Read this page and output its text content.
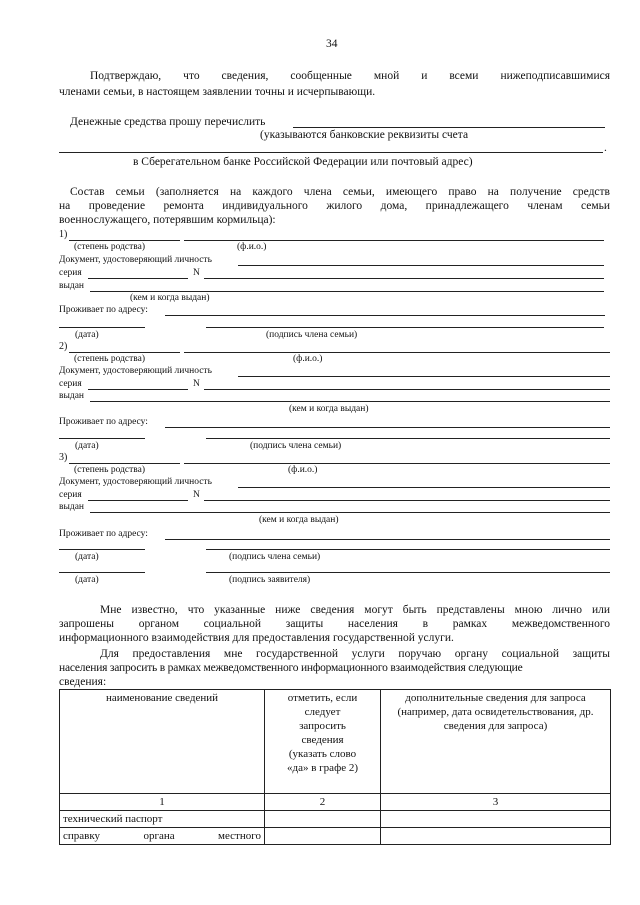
34
Подтверждаю, что сведения, сообщенные мной и всеми нижеподписавшимися
членами семьи, в настоящем заявлении точны и исчерпывающи.
Денежные средства прошу перечислить
(указываются банковские реквизиты счета
.
в Сберегательном банке Российской Федерации или почтовый адрес)
Состав семьи (заполняется на каждого члена семьи, имеющего право на получение средств
на проведение ремонта индивидуального жилого дома, принадлежащего членам семьи
военнослужащего, потерявшим кормильца):
1)
(степень родства)	(ф.и.о.)
Документ, удостоверяющий личность
серия	N
выдан
(кем и когда выдан)
Проживает по адресу:
(дата)	(подпись члена семьи)
2)
(степень родства)	(ф.и.о.)
Документ, удостоверяющий личность
серия	N
выдан
(кем и когда выдан)
Проживает по адресу:
(дата)	(подпись члена семьи)
3)
(степень родства)	(ф.и.о.)
Документ, удостоверяющий личность
серия	N
выдан
(кем и когда выдан)
Проживает по адресу:
(дата)	(подпись члена семьи)
(дата)	(подпись заявителя)
Мне известно, что указанные ниже сведения могут быть представлены мною лично или
запрошены органом социальной защиты населения в рамках межведомственного
информационного взаимодействия для предоставления государственной услуги.
Для предоставления мне государственной услуги поручаю органу социальной защиты
населения запросить в рамках межведомственного информационного взаимодействия следующие
сведения:
наименование сведений	отметить, если следует запросить сведения (указать слово «да» в графе 2)	дополнительные сведения для запроса (например, дата освидетельствования, др. сведения для запроса)
1	2	3
технический паспорт		

справку органа местного		
